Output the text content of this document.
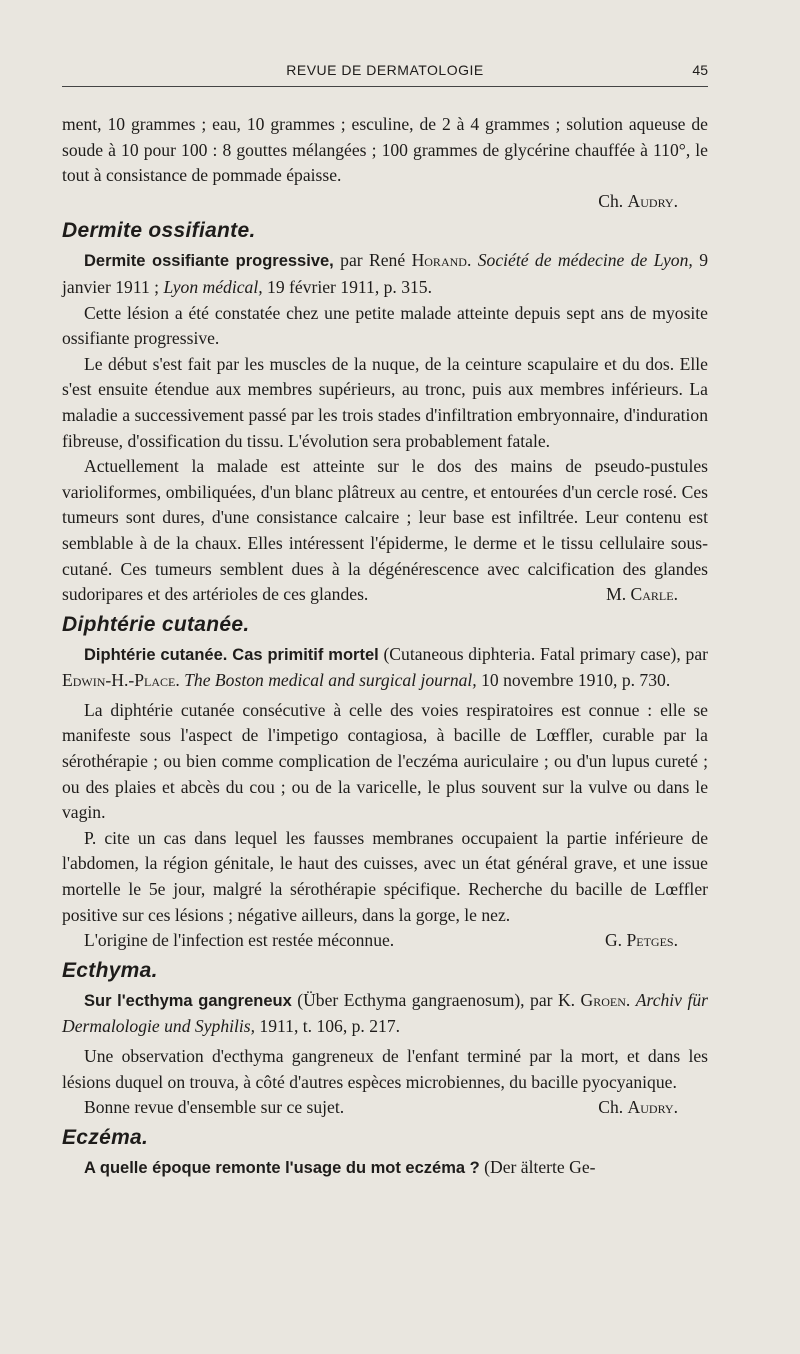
REVUE DE DERMATOLOGIE	45

ment, 10 grammes ; eau, 10 grammes ; esculine, de 2 à 4 grammes ; solution aqueuse de soude à 10 pour 100 : 8 gouttes mélangées ; 100 grammes de glycérine chauffée à 110°, le tout à consistance de pommade épaisse.

Ch. Audry.

Dermite ossifiante.

Dermite ossifiante progressive, par René Horand. Société de médecine de Lyon, 9 janvier 1911 ; Lyon médical, 19 février 1911, p. 315.

Cette lésion a été constatée chez une petite malade atteinte depuis sept ans de myosite ossifiante progressive.

Le début s'est fait par les muscles de la nuque, de la ceinture scapulaire et du dos. Elle s'est ensuite étendue aux membres supérieurs, au tronc, puis aux membres inférieurs. La maladie a successivement passé par les trois stades d'infiltration embryonnaire, d'induration fibreuse, d'ossification du tissu. L'évolution sera probablement fatale.

Actuellement la malade est atteinte sur le dos des mains de pseudo-pustules varioliformes, ombiliquées, d'un blanc plâtreux au centre, et entourées d'un cercle rosé. Ces tumeurs sont dures, d'une consistance calcaire ; leur base est infiltrée. Leur contenu est semblable à de la chaux. Elles intéressent l'épiderme, le derme et le tissu cellulaire sous-cutané. Ces tumeurs semblent dues à la dégénérescence avec calcification des glandes sudoripares et des artérioles de ces glandes.	M. Carle.

Diphtérie cutanée.

Diphtérie cutanée. Cas primitif mortel (Cutaneous diphteria. Fatal primary case), par Edwin-H.-Place. The Boston medical and surgical journal, 10 novembre 1910, p. 730.

La diphtérie cutanée consécutive à celle des voies respiratoires est connue : elle se manifeste sous l'aspect de l'impetigo contagiosa, à bacille de Lœffler, curable par la sérothérapie ; ou bien comme complication de l'eczéma auriculaire ; ou d'un lupus cureté ; ou des plaies et abcès du cou ; ou de la varicelle, le plus souvent sur la vulve ou dans le vagin.

P. cite un cas dans lequel les fausses membranes occupaient la partie inférieure de l'abdomen, la région génitale, le haut des cuisses, avec un état général grave, et une issue mortelle le 5e jour, malgré la sérothérapie spécifique. Recherche du bacille de Lœffler positive sur ces lésions ; négative ailleurs, dans la gorge, le nez.

L'origine de l'infection est restée méconnue.	G. Petges.

Ecthyma.

Sur l'ecthyma gangreneux (Über Ecthyma gangraenosum), par K. Groen. Archiv für Dermalologie und Syphilis, 1911, t. 106, p. 217.

Une observation d'ecthyma gangreneux de l'enfant terminé par la mort, et dans les lésions duquel on trouva, à côté d'autres espèces microbiennes, du bacille pyocyanique.

Bonne revue d'ensemble sur ce sujet.	Ch. Audry.

Eczéma.

A quelle époque remonte l'usage du mot eczéma ? (Der älterte Ge-
